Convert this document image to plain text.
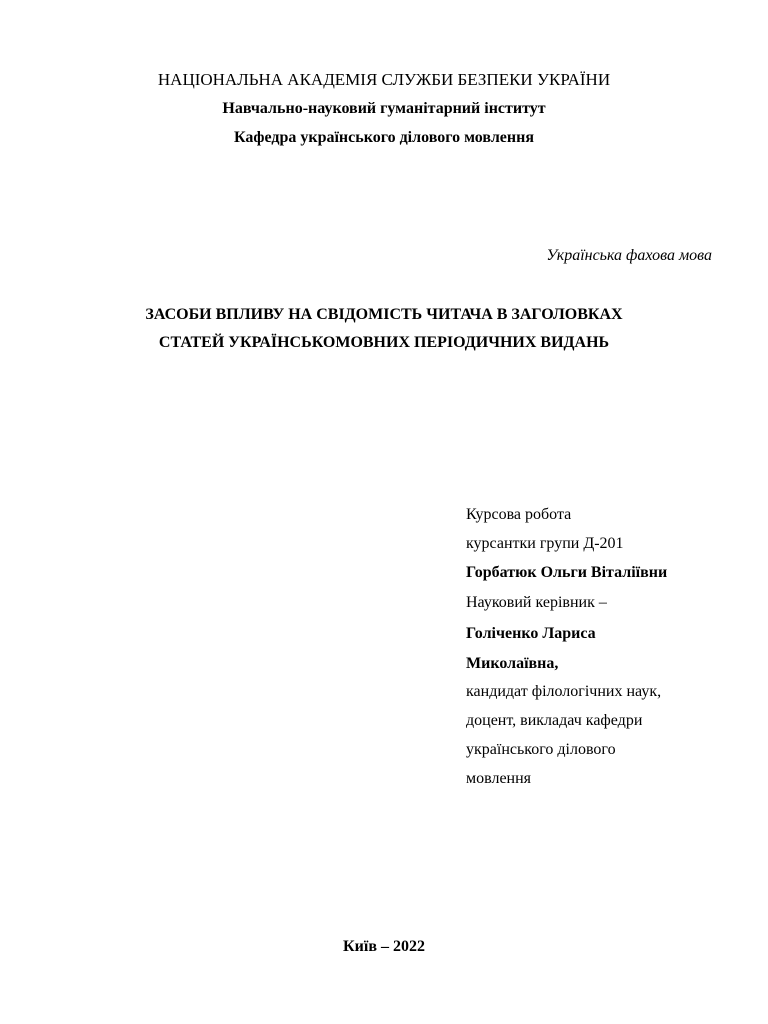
НАЦІОНАЛЬНА АКАДЕМІЯ СЛУЖБИ БЕЗПЕКИ УКРАЇНИ
Навчально-науковий гуманітарний інститут
Кафедра українського ділового мовлення
Українська фахова мова
ЗАСОБИ ВПЛИВУ НА СВІДОМІСТЬ ЧИТАЧА В ЗАГОЛОВКАХ
СТАТЕЙ УКРАЇНСЬКОМОВНИХ ПЕРІОДИЧНИХ ВИДАНЬ
Курсова робота
курсантки групи Д-201
Горбатюк Ольги Віталіївни
Науковий керівник –
Голіченко Лариса
Миколаївна,
кандидат філологічних наук,
доцент, викладач кафедри
українського ділового
мовлення
Київ – 2022
